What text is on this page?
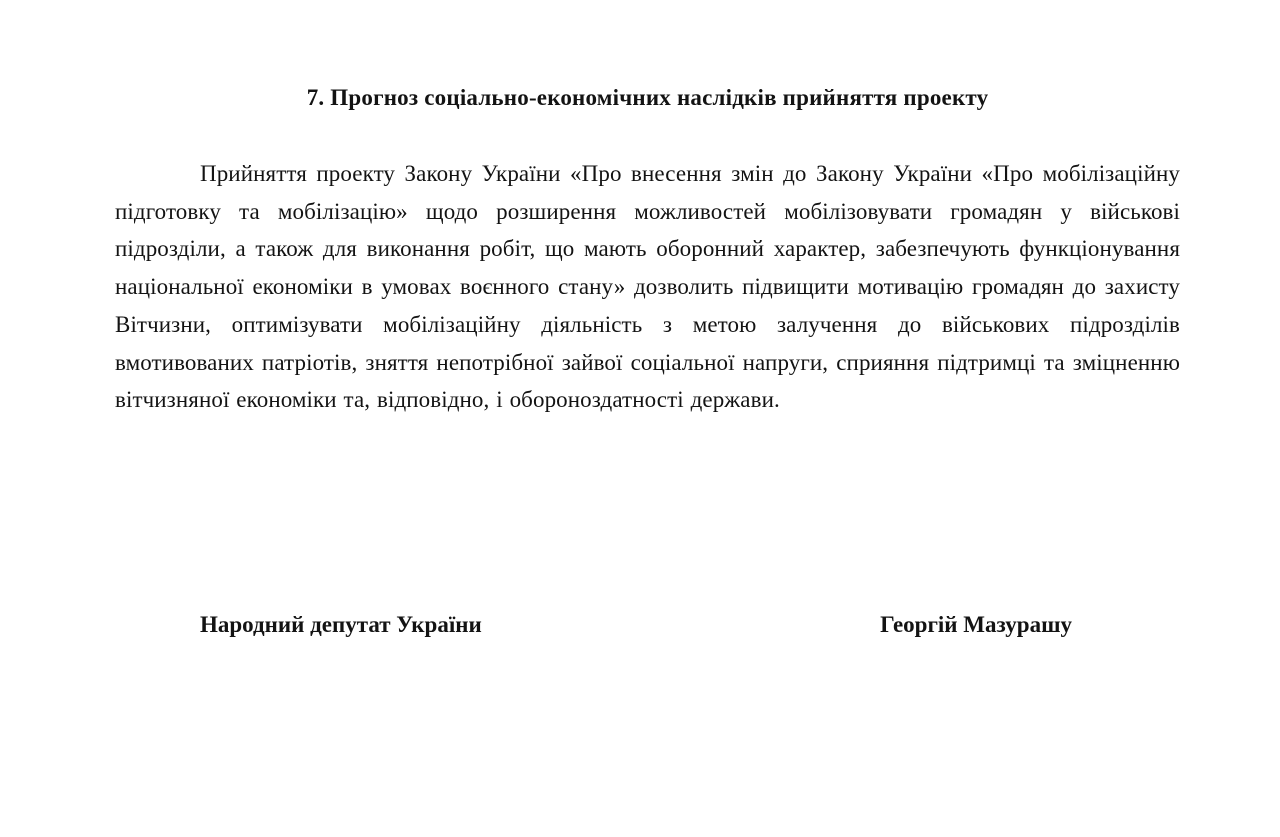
7. Прогноз соціально-економічних наслідків прийняття проекту

Прийняття проекту Закону України «Про внесення змін до Закону України «Про мобілізаційну підготовку та мобілізацію» щодо розширення можливостей мобілізовувати громадян у військові підрозділи, а також для виконання робіт, що мають оборонний характер, забезпечують функціонування національної економіки в умовах воєнного стану» дозволить підвищити мотивацію громадян до захисту Вітчизни, оптимізувати мобілізаційну діяльність з метою залучення до військових підрозділів вмотивованих патріотів, зняття непотрібної зайвої соціальної напруги, сприяння підтримці та зміцненню вітчизняної економіки та, відповідно, і обороноздатності держави.

Народний депутат України	Георгій Мазурашу
